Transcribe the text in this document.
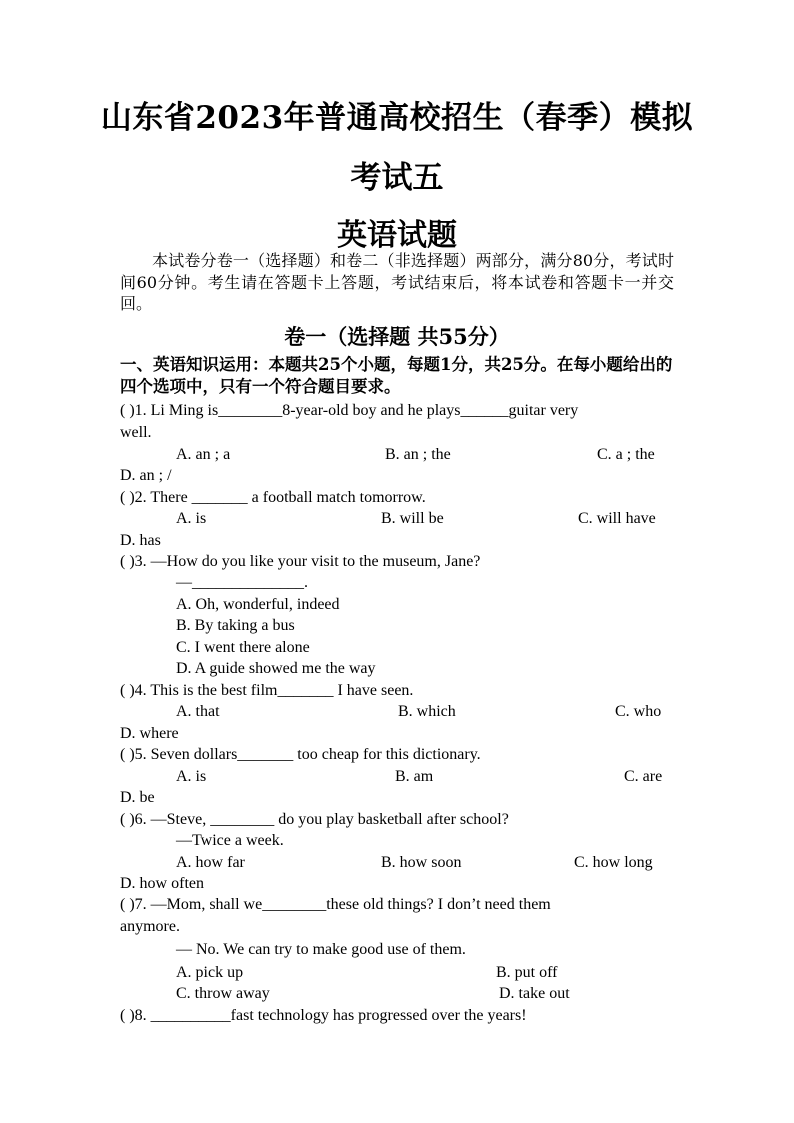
山东省2023年普通高校招生（春季）模拟
考试五
英语试题
本试卷分卷一（选择题）和卷二（非选择题）两部分，满分80分，考试时间60分钟。考生请在答题卡上答题，考试结束后，将本试卷和答题卡一并交回。
卷一（选择题 共55分）
一、英语知识运用：本题共25个小题，每题1分，共25分。在每小题给出的四个选项中，只有一个符合题目要求。
( )1. Li Ming is________8-year-old boy and he plays______guitar very
well.
A. an ; a	B. an ; the	C. a ; the
D. an ; /
( )2. There _______ a football match tomorrow.
A. is	B. will be	C. will have
D. has
( )3. —How do you like your visit to the museum, Jane?
—______________.
A. Oh, wonderful, indeed
B. By taking a bus
C. I went there alone
D. A guide showed me the way
( )4. This is the best film_______ I have seen.
A. that	B. which	C. who
D. where
( )5. Seven dollars_______ too cheap for this dictionary.
A. is	B. am	C. are
D. be
( )6. —Steve, ________ do you play basketball after school?
—Twice a week.
A. how far	B. how soon	C. how long
D. how often
( )7. —Mom, shall we________these old things? I don’t need them
anymore.
— No. We can try to make good use of them.
A. pick up	B. put off
C. throw away	D. take out
( )8. __________fast technology has progressed over the years!
